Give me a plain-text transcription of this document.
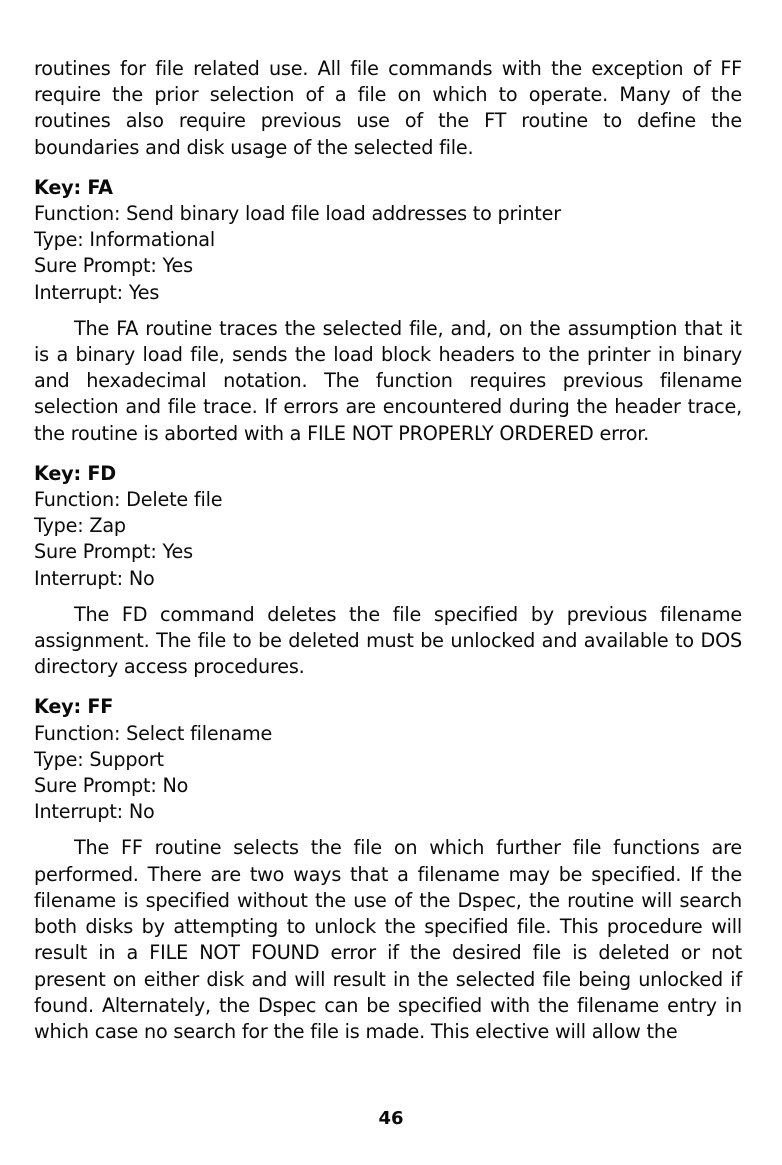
routines for file related use. All file commands with the exception of FF require the prior selection of a file on which to operate. Many of the routines also require previous use of the FT routine to define the boundaries and disk usage of the selected file.

Key: FA

Function: Send binary load file load addresses to printer

Type: Informational

Sure Prompt: Yes

Interrupt: Yes

The FA routine traces the selected file, and, on the assumption that it is a binary load file, sends the load block headers to the printer in binary and hexadecimal notation. The function requires previous filename selection and file trace. If errors are encountered during the header trace, the routine is aborted with a FILE NOT PROPERLY ORDERED error.

Key: FD

Function: Delete file

Type: Zap

Sure Prompt: Yes

Interrupt: No

The FD command deletes the file specified by previous filename assignment. The file to be deleted must be unlocked and available to DOS directory access procedures.

Key: FF

Function: Select filename

Type: Support

Sure Prompt: No

Interrupt: No

The FF routine selects the file on which further file functions are performed. There are two ways that a filename may be specified. If the filename is specified without the use of the Dspec, the routine will search both disks by attempting to unlock the specified file. This procedure will result in a FILE NOT FOUND error if the desired file is deleted or not present on either disk and will result in the selected file being unlocked if found. Alternately, the Dspec can be specified with the filename entry in which case no search for the file is made. This elective will allow the

46
